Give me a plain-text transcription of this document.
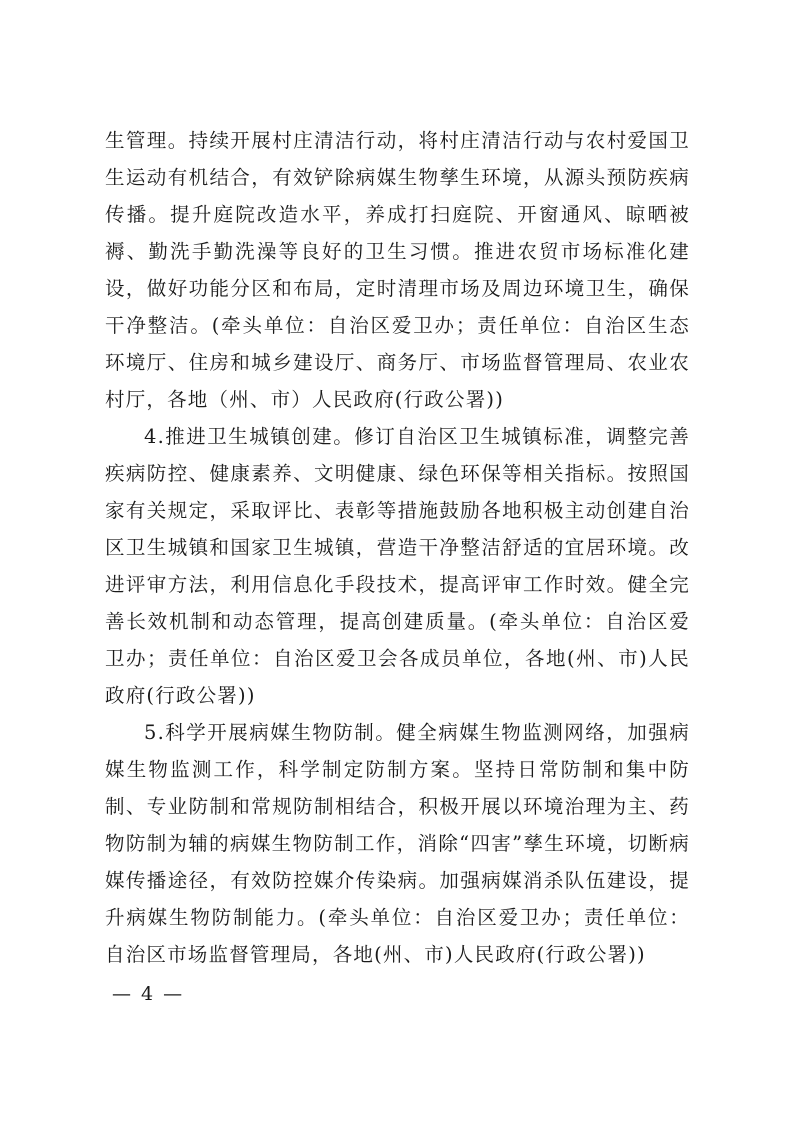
生管理。持续开展村庄清洁行动，将村庄清洁行动与农村爱国卫生运动有机结合，有效铲除病媒生物孳生环境，从源头预防疾病传播。提升庭院改造水平，养成打扫庭院、开窗通风、晾晒被褥、勤洗手勤洗澡等良好的卫生习惯。推进农贸市场标准化建设，做好功能分区和布局，定时清理市场及周边环境卫生，确保干净整洁。(牵头单位：自治区爱卫办；责任单位：自治区生态环境厅、住房和城乡建设厅、商务厅、市场监督管理局、农业农村厅，各地（州、市）人民政府(行政公署))

4.推进卫生城镇创建。修订自治区卫生城镇标准，调整完善疾病防控、健康素养、文明健康、绿色环保等相关指标。按照国家有关规定，采取评比、表彰等措施鼓励各地积极主动创建自治区卫生城镇和国家卫生城镇，营造干净整洁舒适的宜居环境。改进评审方法，利用信息化手段技术，提高评审工作时效。健全完善长效机制和动态管理，提高创建质量。(牵头单位：自治区爱卫办；责任单位：自治区爱卫会各成员单位，各地(州、市)人民政府(行政公署))

5.科学开展病媒生物防制。健全病媒生物监测网络，加强病媒生物监测工作，科学制定防制方案。坚持日常防制和集中防制、专业防制和常规防制相结合，积极开展以环境治理为主、药物防制为辅的病媒生物防制工作，消除“四害”孳生环境，切断病媒传播途径，有效防控媒介传染病。加强病媒消杀队伍建设，提升病媒生物防制能力。(牵头单位：自治区爱卫办；责任单位：自治区市场监督管理局，各地(州、市)人民政府(行政公署))

— 4 —
